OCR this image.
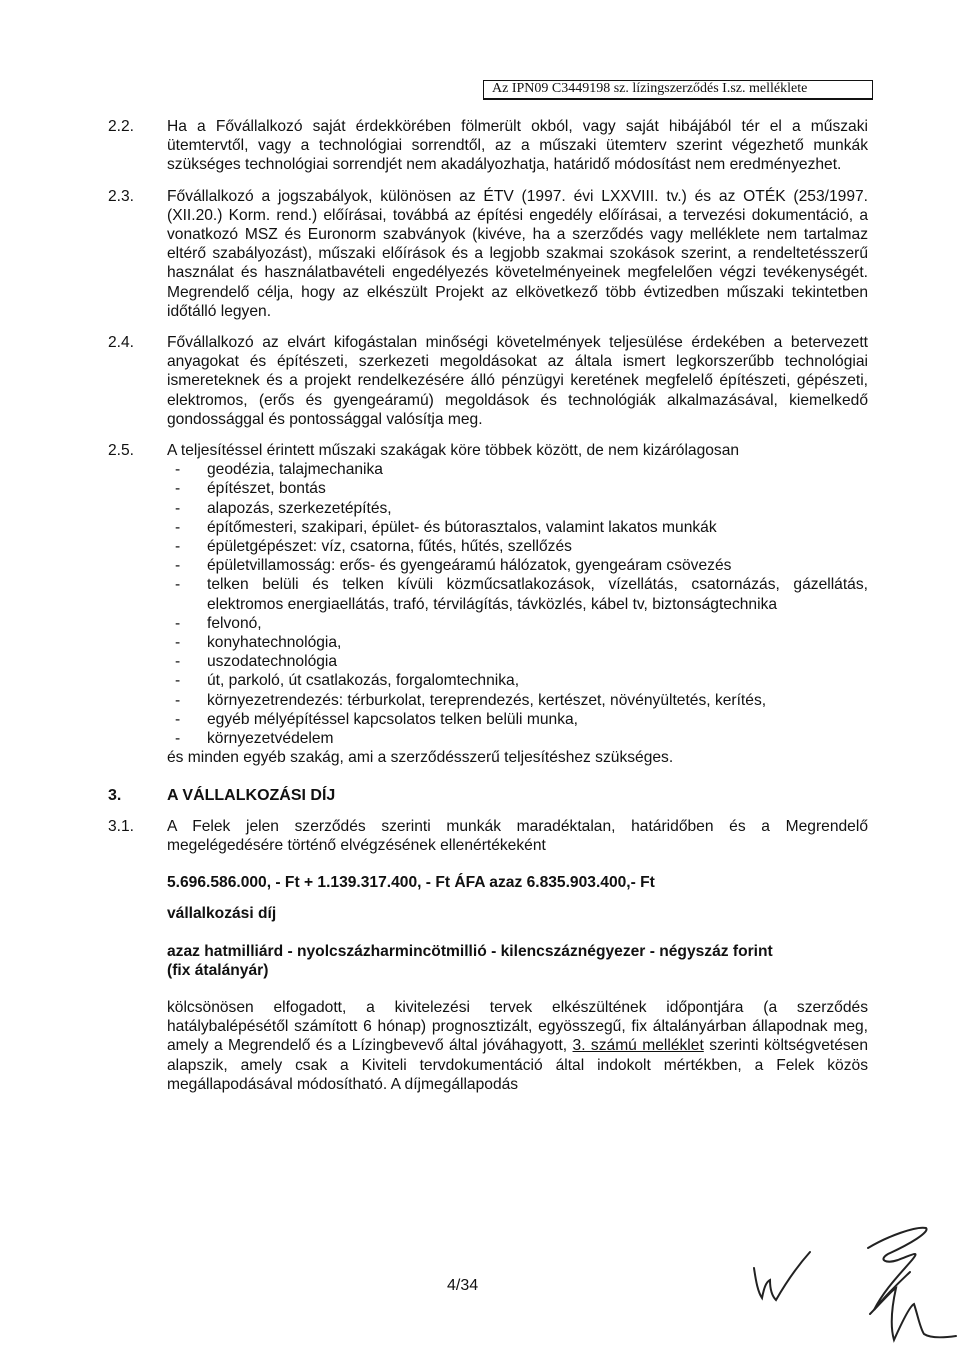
Az IPN09 C3449198 sz. lízingszerződés I.sz. melléklete
2.2. Ha a Fővállalkozó saját érdekkörében fölmerült okból, vagy saját hibájából tér el a műszaki ütemtervtől, vagy a technológiai sorrendtől, az a műszaki ütemterv szerint végezhető munkák szükséges technológiai sorrendjét nem akadályozhatja, határidő módosítást nem eredményezhet.
2.3. Fővállalkozó a jogszabályok, különösen az ÉTV (1997. évi LXXVIII. tv.) és az OTÉK (253/1997. (XII.20.) Korm. rend.) előírásai, továbbá az építési engedély előírásai, a tervezési dokumentáció, a vonatkozó MSZ és Euronorm szabványok (kivéve, ha a szerződés vagy melléklete nem tartalmaz eltérő szabályozást), műszaki előírások és a legjobb szakmai szokások szerint, a rendeltetésszerű használat és használatbavételi engedélyezés követelményeinek megfelelően végzi tevékenységét. Megrendelő célja, hogy az elkészült Projekt az elkövetkező több évtizedben műszaki tekintetben időtálló legyen.
2.4. Fővállalkozó az elvárt kifogástalan minőségi követelmények teljesülése érdekében a betervezett anyagokat és építészeti, szerkezeti megoldásokat az általa ismert legkorszerűbb technológiai ismereteknek és a projekt rendelkezésére álló pénzügyi keretének megfelelő építészeti, gépészeti, elektromos, (erős és gyengeáramú) megoldások és technológiák alkalmazásával, kiemelkedő gondossággal és pontossággal valósítja meg.
2.5. A teljesítéssel érintett műszaki szakágak köre többek között, de nem kizárólagosan
- geodézia, talajmechanika
- építészet, bontás
- alapozás, szerkezetépítés,
- építőmesteri, szakipari, épület- és bútorasztalos, valamint lakatos munkák
- épületgépészet: víz, csatorna, fűtés, hűtés, szellőzés
- épületvillamosság: erős- és gyengeáramú hálózatok, gyengeáram csövezés
- telken belüli és telken kívüli közműcsatlakozások, vízellátás, csatornázás, gázellátás, elektromos energiaellátás, trafó, térvilágítás, távközlés, kábel tv, biztonságtechnika
- felvonó,
- konyhatechnológia,
- uszodatechnológia
- út, parkoló, út csatlakozás, forgalomtechnika,
- környezetrendezés: térburkolat, tereprendezés, kertészet, növényültetés, kerítés,
- egyéb mélyépítéssel kapcsolatos telken belüli munka,
- környezetvédelem
és minden egyéb szakág, ami a szerződésszerű teljesítéshez szükséges.
3.	A VÁLLALKOZÁSI DÍJ
3.1. A Felek jelen szerződés szerinti munkák maradéktalan, határidőben és a Megrendelő megelégedésére történő elvégzésének ellenértékeként
5.696.586.000, - Ft + 1.139.317.400, - Ft ÁFA azaz 6.835.903.400,- Ft
vállalkozási díj
azaz hatmilliárd - nyolcszázharmincötmillió - kilencszáznégyezer - négyszáz forint
(fix átalányár)
kölcsönösen elfogadott, a kivitelezési tervek elkészültének időpontjára (a szerződés hatálybalépésétől számított 6 hónap) prognosztizált, egyösszegű, fix általányárban állapodnak meg, amely a Megrendelő és a Lízingbevevő által jóváhagyott, 3. számú melléklet szerinti költségvetésen alapszik, amely csak a Kiviteli tervdokumentáció által indokolt mértékben, a Felek közös megállapodásával módosítható. A díjmegállapodás
4/34
